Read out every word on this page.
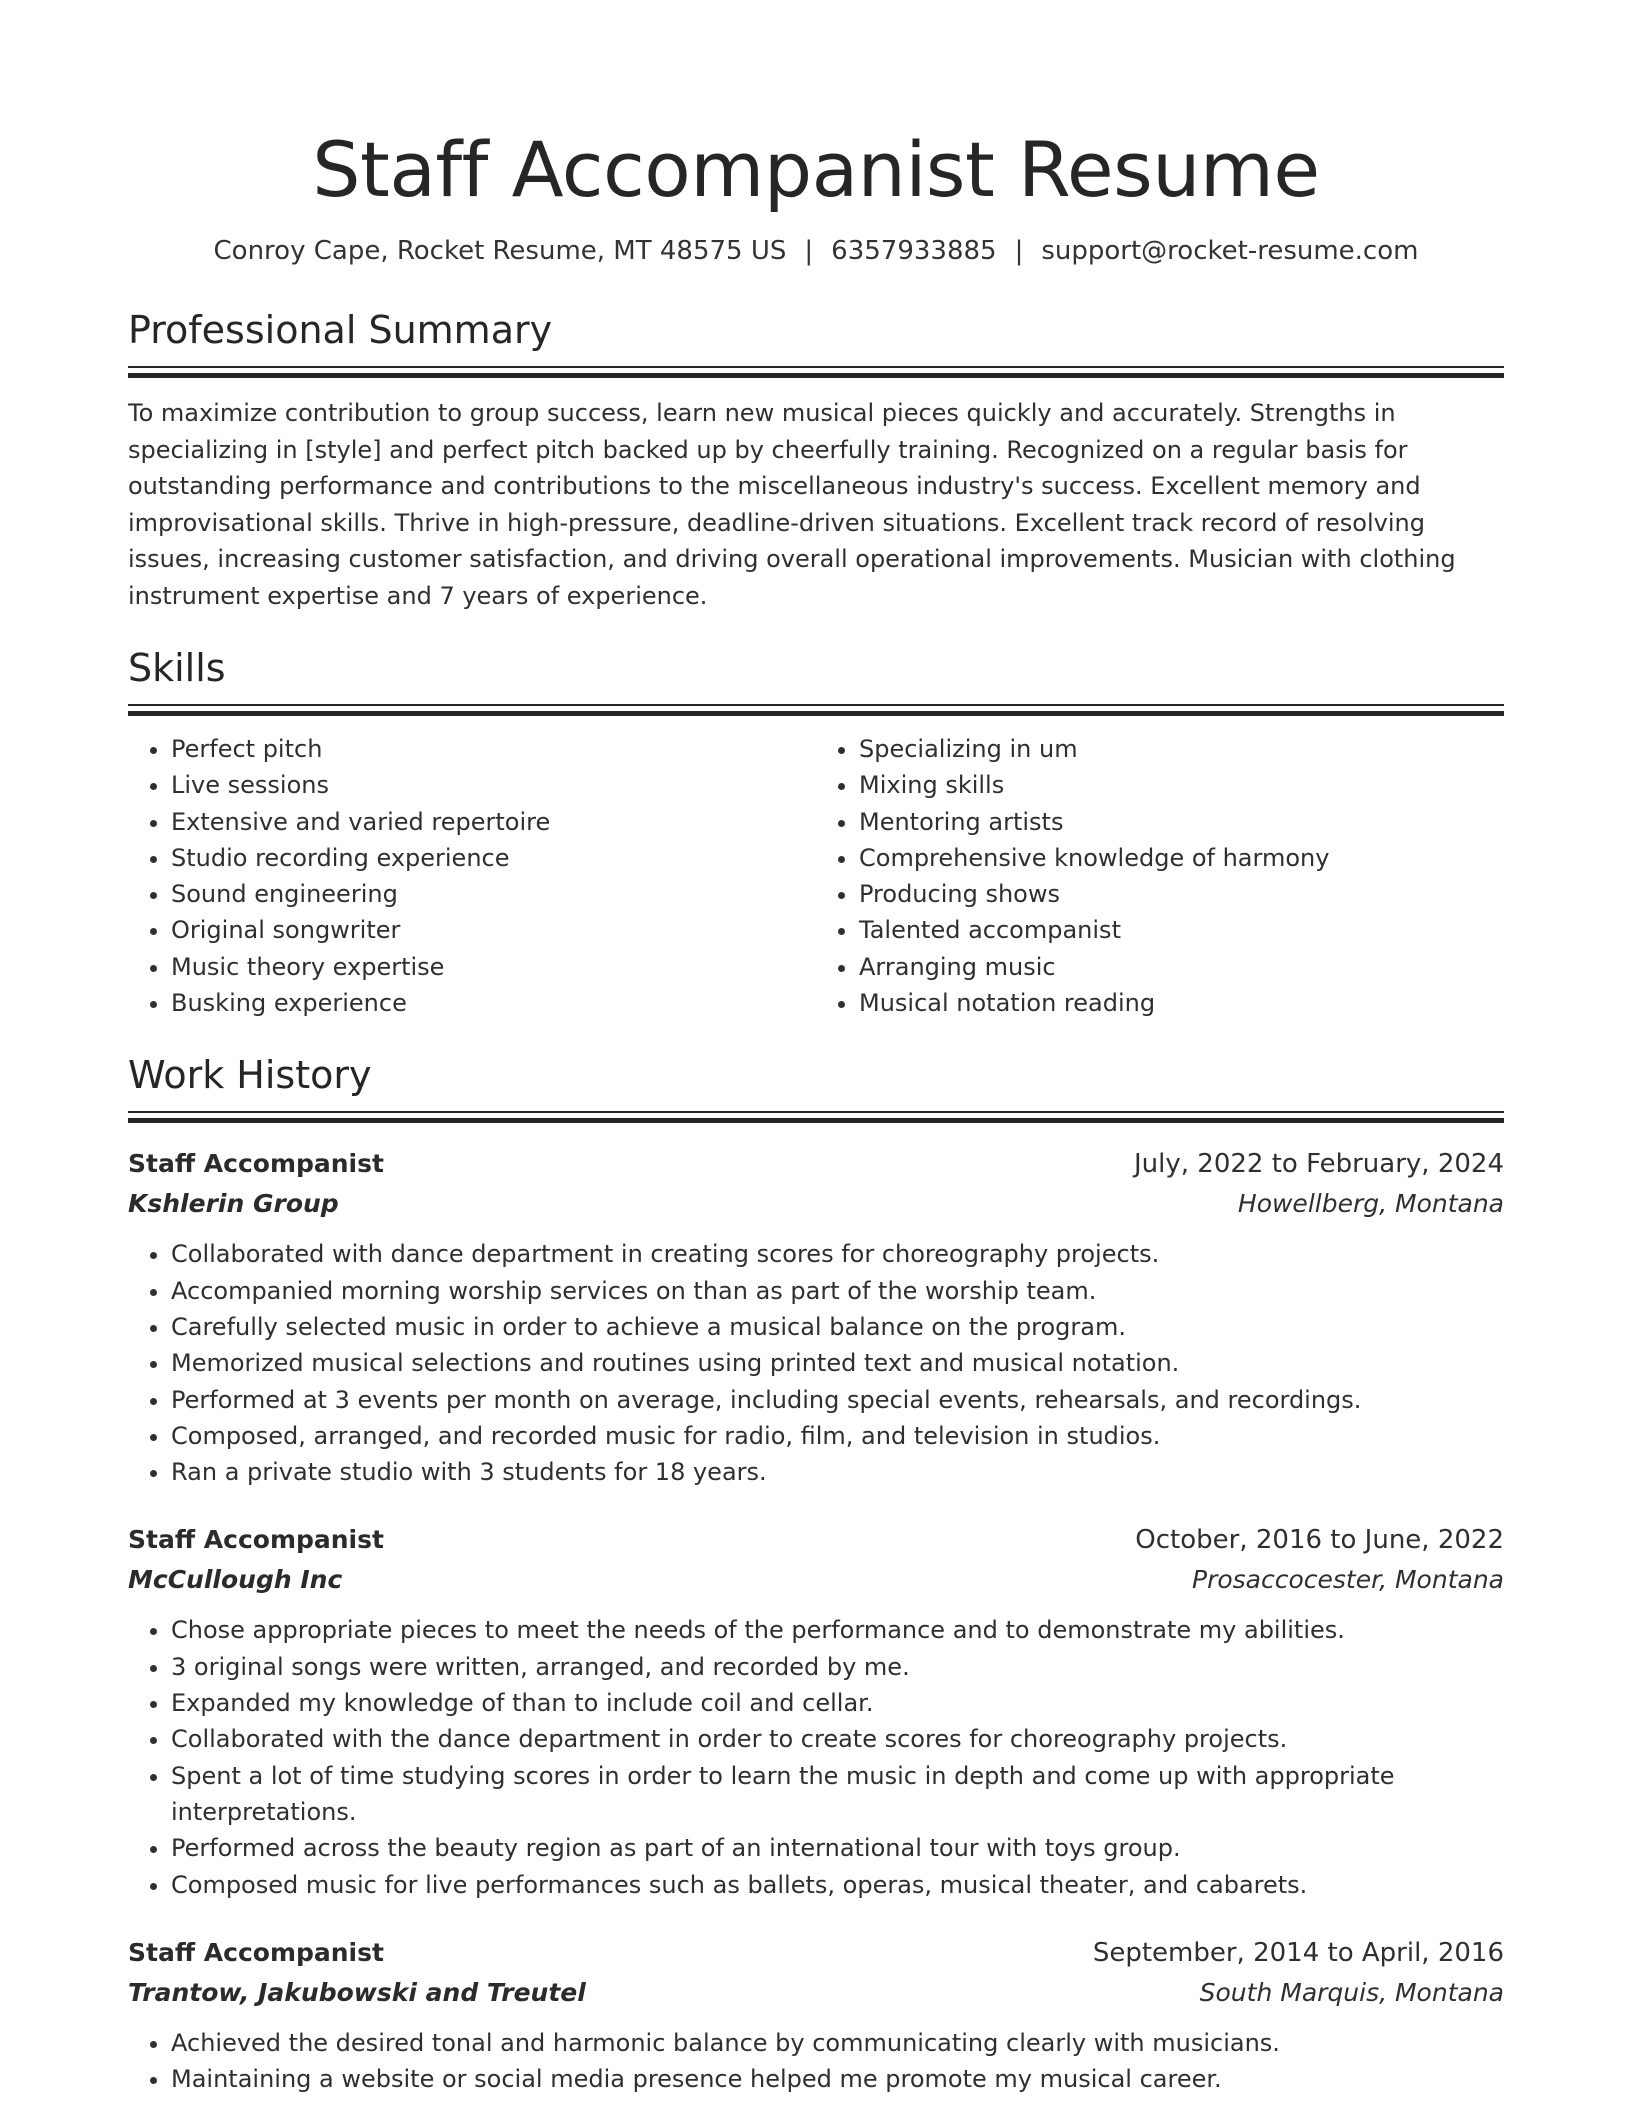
Staff Accompanist Resume
Conroy Cape, Rocket Resume, MT 48575 US | 6357933885 | support@rocket-resume.com
Professional Summary

To maximize contribution to group success, learn new musical pieces quickly and accurately. Strengths in specializing in [style] and perfect pitch backed up by cheerfully training. Recognized on a regular basis for outstanding performance and contributions to the miscellaneous industry's success. Excellent memory and improvisational skills. Thrive in high-pressure, deadline-driven situations. Excellent track record of resolving issues, increasing customer satisfaction, and driving overall operational improvements. Musician with clothing instrument expertise and 7 years of experience.

Skills
• Perfect pitch
• Live sessions
• Extensive and varied repertoire
• Studio recording experience
• Sound engineering
• Original songwriter
• Music theory expertise
• Busking experience
• Specializing in um
• Mixing skills
• Mentoring artists
• Comprehensive knowledge of harmony
• Producing shows
• Talented accompanist
• Arranging music
• Musical notation reading
Work History
Staff Accompanist	July, 2022 to February, 2024
Kshlerin Group	Howellberg, Montana
• Collaborated with dance department in creating scores for choreography projects.
• Accompanied morning worship services on than as part of the worship team.
• Carefully selected music in order to achieve a musical balance on the program.
• Memorized musical selections and routines using printed text and musical notation.
• Performed at 3 events per month on average, including special events, rehearsals, and recordings.
• Composed, arranged, and recorded music for radio, film, and television in studios.
• Ran a private studio with 3 students for 18 years.
Staff Accompanist	October, 2016 to June, 2022
McCullough Inc	Prosaccocester, Montana
• Chose appropriate pieces to meet the needs of the performance and to demonstrate my abilities.
• 3 original songs were written, arranged, and recorded by me.
• Expanded my knowledge of than to include coil and cellar.
• Collaborated with the dance department in order to create scores for choreography projects.
• Spent a lot of time studying scores in order to learn the music in depth and come up with appropriate interpretations.
• Performed across the beauty region as part of an international tour with toys group.
• Composed music for live performances such as ballets, operas, musical theater, and cabarets.
Staff Accompanist	September, 2014 to April, 2016
Trantow, Jakubowski and Treutel	South Marquis, Montana
• Achieved the desired tonal and harmonic balance by communicating clearly with musicians.
• Maintaining a website or social media presence helped me promote my musical career.
